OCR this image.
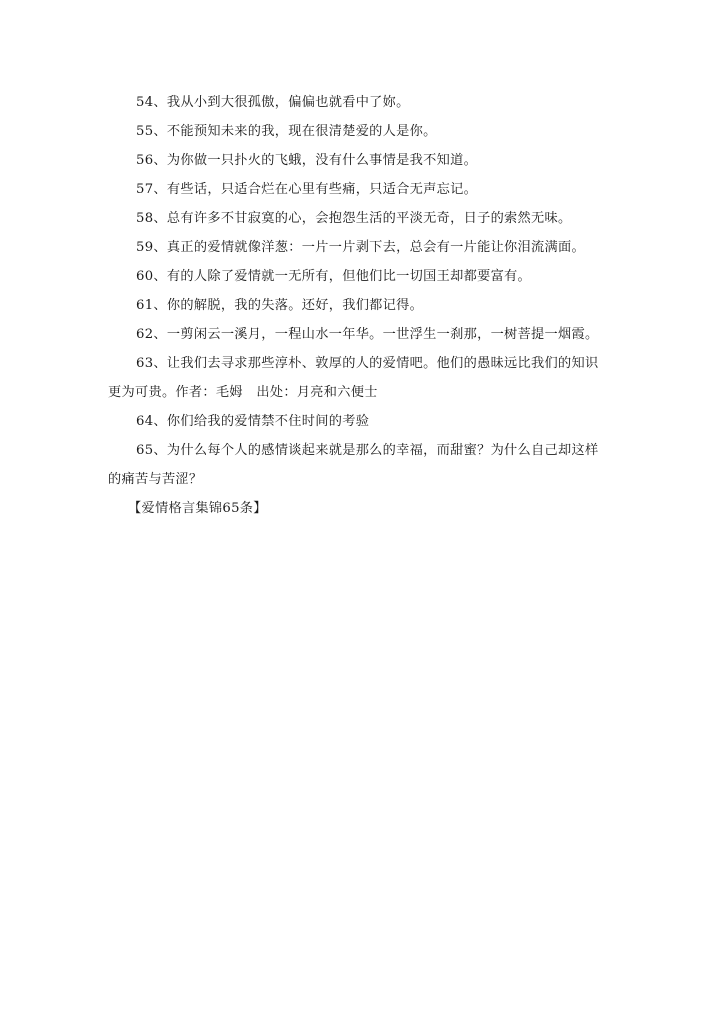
54、我从小到大很孤傲，偏偏也就看中了妳。

55、不能预知未来的我，现在很清楚爱的人是你。

56、为你做一只扑火的飞蛾，没有什么事情是我不知道。

57、有些话，只适合烂在心里有些痛，只适合无声忘记。

58、总有许多不甘寂寞的心，会抱怨生活的平淡无奇，日子的索然无味。

59、真正的爱情就像洋葱：一片一片剥下去，总会有一片能让你泪流满面。

60、有的人除了爱情就一无所有，但他们比一切国王却都要富有。

61、你的解脱，我的失落。还好，我们都记得。

62、一剪闲云一溪月，一程山水一年华。一世浮生一刹那，一树菩提一烟霞。

63、让我们去寻求那些淳朴、敦厚的人的爱情吧。他们的愚昧远比我们的知识更为可贵。作者：毛姆　出处：月亮和六便士

64、你们给我的爱情禁不住时间的考验

65、为什么每个人的感情谈起来就是那么的幸福，而甜蜜？为什么自己却这样的痛苦与苦涩？

【爱情格言集锦65条】
